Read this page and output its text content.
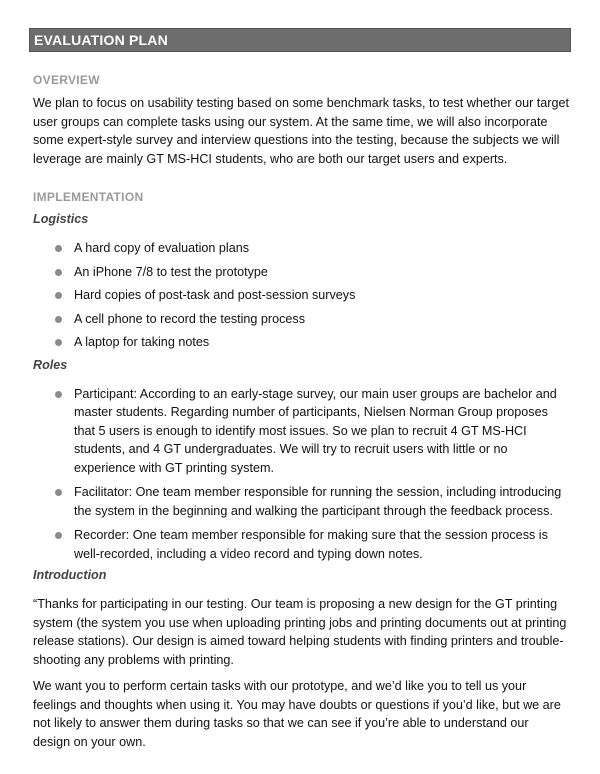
EVALUATION PLAN
OVERVIEW

We plan to focus on usability testing based on some benchmark tasks, to test whether our target user groups can complete tasks using our system. At the same time, we will also incorporate some expert-style survey and interview questions into the testing, because the subjects we will leverage are mainly GT MS-HCI students, who are both our target users and experts.

IMPLEMENTATION
Logistics
A hard copy of evaluation plans
An iPhone 7/8 to test the prototype
Hard copies of post-task and post-session surveys
A cell phone to record the testing process
A laptop for taking notes
Roles
Participant: According to an early-stage survey, our main user groups are bachelor and master students. Regarding number of participants, Nielsen Norman Group proposes that 5 users is enough to identify most issues. So we plan to recruit 4 GT MS-HCI students, and 4 GT undergraduates. We will try to recruit users with little or no experience with GT printing system.
Facilitator: One team member responsible for running the session, including introducing the system in the beginning and walking the participant through the feedback process.
Recorder: One team member responsible for making sure that the session process is well-recorded, including a video record and typing down notes.
Introduction

“Thanks for participating in our testing. Our team is proposing a new design for the GT printing system (the system you use when uploading printing jobs and printing documents out at printing release stations). Our design is aimed toward helping students with finding printers and trouble-shooting any problems with printing.

We want you to perform certain tasks with our prototype, and we’d like you to tell us your feelings and thoughts when using it. You may have doubts or questions if you’d like, but we are not likely to answer them during tasks so that we can see if you’re able to understand our design on your own.
